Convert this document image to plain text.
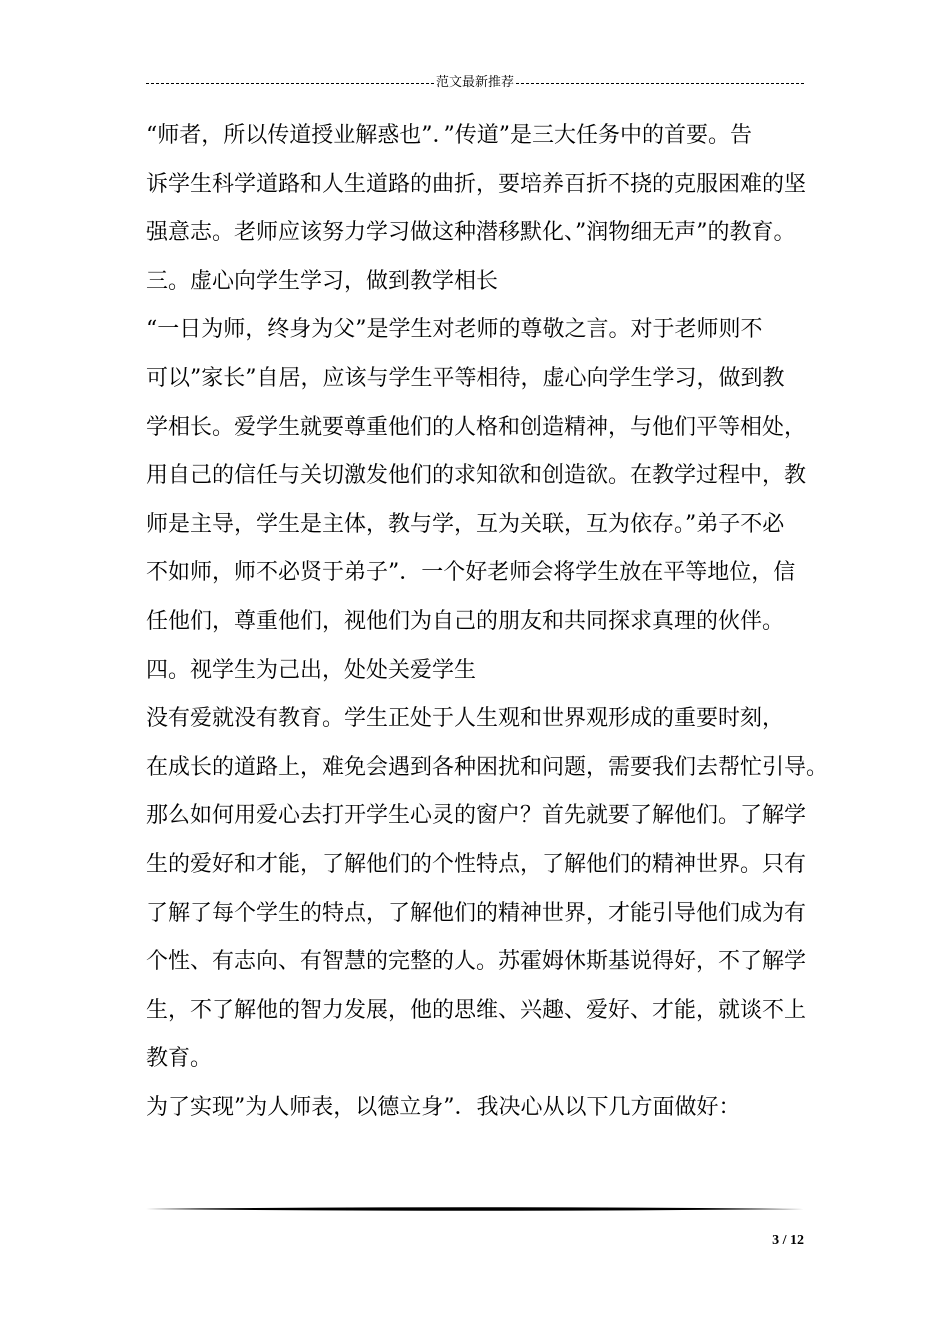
范文最新推荐
“师者，所以传道授业解惑也”．”传道”是三大任务中的首要。告
诉学生科学道路和人生道路的曲折，要培养百折不挠的克服困难的坚
强意志。老师应该努力学习做这种潜移默化、”润物细无声”的教育。
三。虚心向学生学习，做到教学相长
“一日为师，终身为父”是学生对老师的尊敬之言。对于老师则不
可以”家长”自居，应该与学生平等相待，虚心向学生学习，做到教
学相长。爱学生就要尊重他们的人格和创造精神，与他们平等相处，
用自己的信任与关切激发他们的求知欲和创造欲。在教学过程中，教
师是主导，学生是主体，教与学，互为关联，互为依存。”弟子不必
不如师，师不必贤于弟子”．一个好老师会将学生放在平等地位，信
任他们，尊重他们，视他们为自己的朋友和共同探求真理的伙伴。
四。视学生为己出，处处关爱学生
没有爱就没有教育。学生正处于人生观和世界观形成的重要时刻，
在成长的道路上，难免会遇到各种困扰和问题，需要我们去帮忙引导。
那么如何用爱心去打开学生心灵的窗户？首先就要了解他们。了解学
生的爱好和才能，了解他们的个性特点，了解他们的精神世界。只有
了解了每个学生的特点，了解他们的精神世界，才能引导他们成为有
个性、有志向、有智慧的完整的人。苏霍姆休斯基说得好，不了解学
生，不了解他的智力发展，他的思维、兴趣、爱好、才能，就谈不上
教育。
为了实现”为人师表，以德立身”．我决心从以下几方面做好：
3 / 12
